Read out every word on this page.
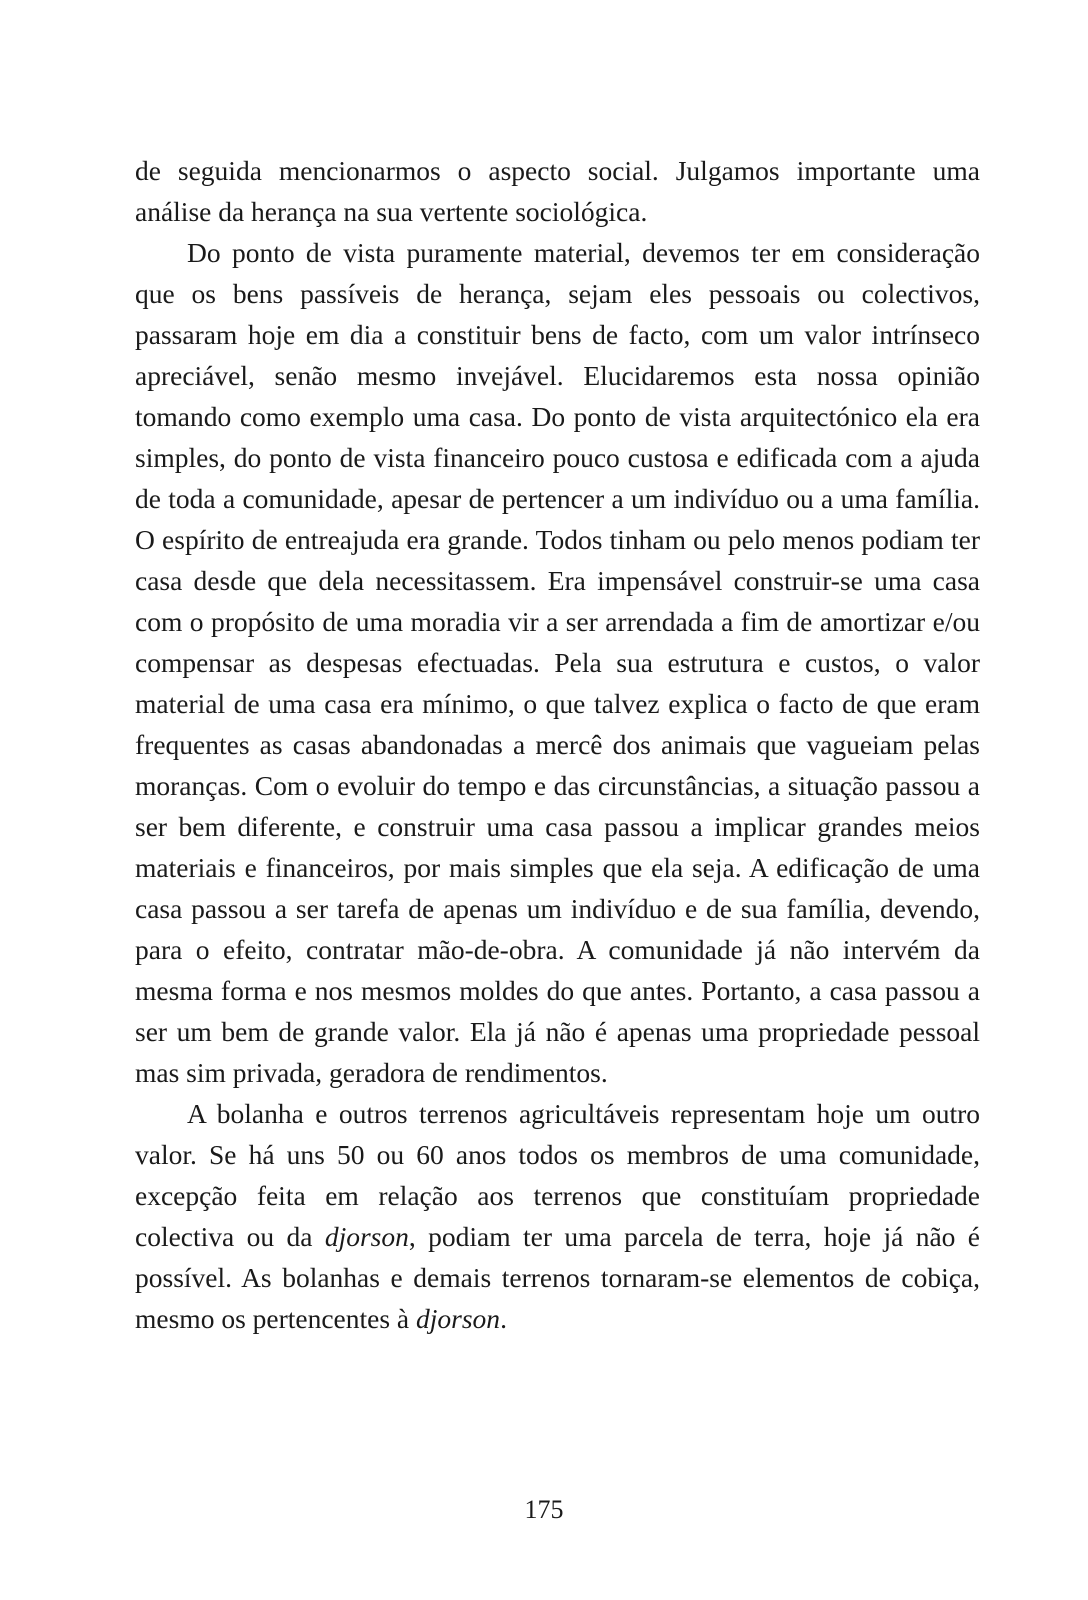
de seguida mencionarmos o aspecto social. Julgamos importante uma análise da herança na sua vertente sociológica.

Do ponto de vista puramente material, devemos ter em consideração que os bens passíveis de herança, sejam eles pessoais ou colectivos, passaram hoje em dia a constituir bens de facto, com um valor intrínseco apreciável, senão mesmo invejável. Elucidaremos esta nossa opinião tomando como exemplo uma casa. Do ponto de vista arquitectónico ela era simples, do ponto de vista financeiro pouco custosa e edificada com a ajuda de toda a comunidade, apesar de pertencer a um indivíduo ou a uma família. O espírito de entreajuda era grande. Todos tinham ou pelo menos podiam ter casa desde que dela necessitassem. Era impensável construir-se uma casa com o propósito de uma moradia vir a ser arrendada a fim de amortizar e/ou compensar as despesas efectuadas. Pela sua estrutura e custos, o valor material de uma casa era mínimo, o que talvez explica o facto de que eram frequentes as casas abandonadas a mercê dos animais que vagueiam pelas moranças. Com o evoluir do tempo e das circunstâncias, a situação passou a ser bem diferente, e construir uma casa passou a implicar grandes meios materiais e financeiros, por mais simples que ela seja. A edificação de uma casa passou a ser tarefa de apenas um indivíduo e de sua família, devendo, para o efeito, contratar mão-de-obra. A comunidade já não intervém da mesma forma e nos mesmos moldes do que antes. Portanto, a casa passou a ser um bem de grande valor. Ela já não é apenas uma propriedade pessoal mas sim privada, geradora de rendimentos.

A bolanha e outros terrenos agricultáveis representam hoje um outro valor. Se há uns 50 ou 60 anos todos os membros de uma comunidade, excepção feita em relação aos terrenos que constituíam propriedade colectiva ou da djorson, podiam ter uma parcela de terra, hoje já não é possível. As bolanhas e demais terrenos tornaram-se elementos de cobiça, mesmo os pertencentes à djorson.

175
